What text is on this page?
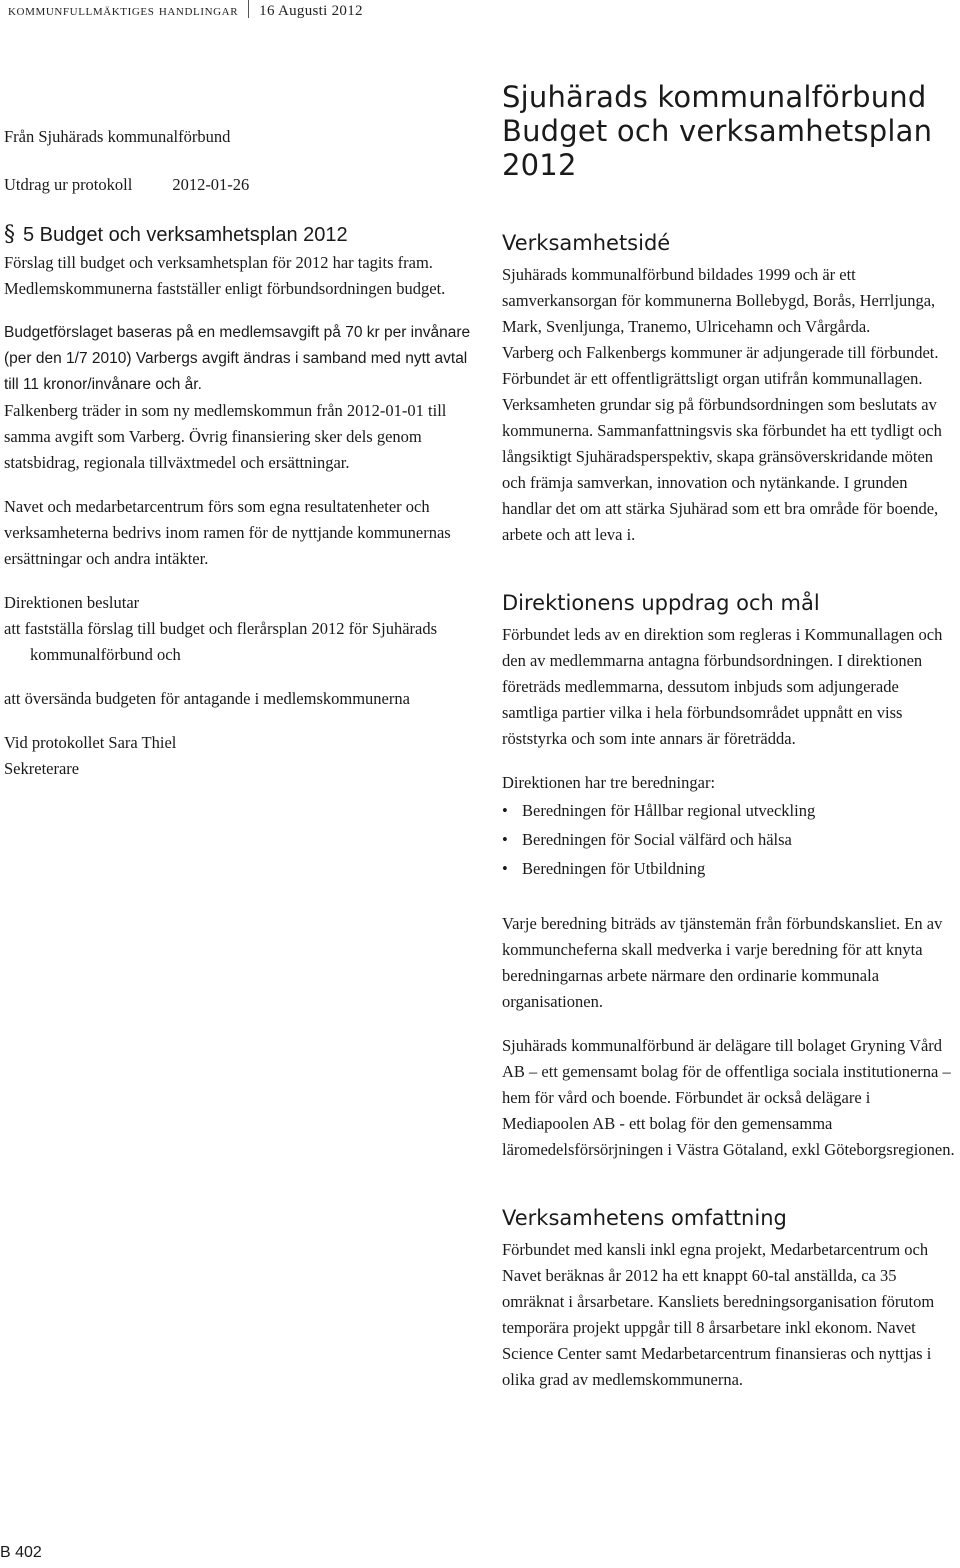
kommunfullmäktiges handlingar 16 Augusti 2012

Från Sjuhärads kommunalförbund

Utdrag ur protokoll 2012-01-26
§ 5 Budget och verksamhetsplan 2012

Förslag till budget och verksamhetsplan för 2012 har tagits fram. Medlemskommunerna fastställer enligt förbundsordningen budget.

Budgetförslaget baseras på en medlemsavgift på 70 kr per invånare (per den 1/7 2010) Varbergs avgift ändras i samband med nytt avtal till 11 kronor/invånare och år.

Falkenberg träder in som ny medlemskommun från 2012-01-01 till samma avgift som Varberg. Övrig finansiering sker dels genom statsbidrag, regionala tillväxtmedel och ersättningar.

Navet och medarbetarcentrum förs som egna resultatenheter och verksamheterna bedrivs inom ramen för de nyttjande kommunernas ersättningar och andra intäkter.

Direktionen beslutar

att fastställa förslag till budget och flerårsplan 2012 för Sjuhärads kommunalförbund och

att översända budgeten för antagande i medlemskommunerna

Vid protokollet Sara Thiel

Sekreterare

Sjuhärads kommunalförbund
Budget och verksamhetsplan 2012
Verksamhetsidé

Sjuhärads kommunalförbund bildades 1999 och är ett samverkansorgan för kommunerna Bollebygd, Borås, Herrljunga, Mark, Svenljunga, Tranemo, Ulricehamn och Vårgårda.

Varberg och Falkenbergs kommuner är adjungerade till förbundet. Förbundet är ett offentligrättsligt organ utifrån kommunallagen. Verksamheten grundar sig på förbundsordningen som beslutats av kommunerna. Sammanfattningsvis ska förbundet ha ett tydligt och långsiktigt Sjuhäradsperspektiv, skapa gränsöverskridande möten och främja samverkan, innovation och nytänkande. I grunden handlar det om att stärka Sjuhärad som ett bra område för boende, arbete och att leva i.

Direktionens uppdrag och mål

Förbundet leds av en direktion som regleras i Kommunallagen och den av medlemmarna antagna förbundsordningen. I direktionen företräds medlemmarna, dessutom inbjuds som adjungerade samtliga partier vilka i hela förbundsområdet uppnått en viss röststyrka och som inte annars är företrädda.

Direktionen har tre beredningar:

• Beredningen för Hållbar regional utveckling
• Beredningen för Social välfärd och hälsa
• Beredningen för Utbildning

Varje beredning biträds av tjänstemän från förbundskansliet. En av kommuncheferna skall medverka i varje beredning för att knyta beredningarnas arbete närmare den ordinarie kommunala organisationen.

Sjuhärads kommunalförbund är delägare till bolaget Gryning Vård AB – ett gemensamt bolag för de offentliga sociala institutionerna – hem för vård och boende. Förbundet är också delägare i Mediapoolen AB - ett bolag för den gemensamma läromedelsförsörjningen i Västra Götaland, exkl Göteborgsregionen.

Verksamhetens omfattning

Förbundet med kansli inkl egna projekt, Medarbetarcentrum och Navet beräknas år 2012 ha ett knappt 60-tal anställda, ca 35 omräknat i årsarbetare. Kansliets beredningsorganisation förutom temporära projekt uppgår till 8 årsarbetare inkl ekonom. Navet Science Center samt Medarbetarcentrum finansieras och nyttjas i olika grad av medlemskommunerna.

B 402
